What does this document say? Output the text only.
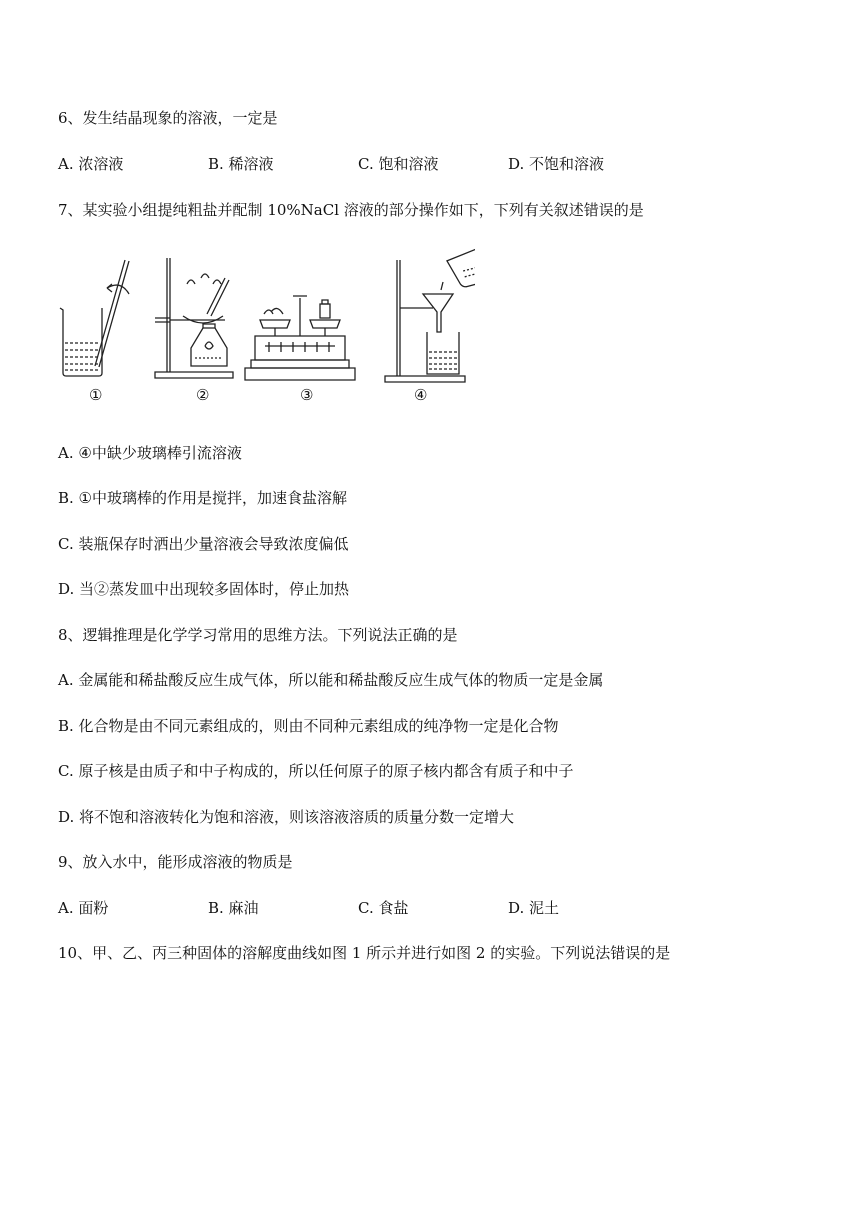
6、发生结晶现象的溶液，一定是
A. 浓溶液	B. 稀溶液	C. 饱和溶液	D. 不饱和溶液
7、某实验小组提纯粗盐并配制 10%NaCl 溶液的部分操作如下，下列有关叙述错误的是
①	②	③	④
A. ④中缺少玻璃棒引流溶液
B. ①中玻璃棒的作用是搅拌，加速食盐溶解
C. 装瓶保存时洒出少量溶液会导致浓度偏低
D. 当②蒸发皿中出现较多固体时，停止加热
8、逻辑推理是化学学习常用的思维方法。下列说法正确的是
A. 金属能和稀盐酸反应生成气体，所以能和稀盐酸反应生成气体的物质一定是金属
B. 化合物是由不同元素组成的，则由不同种元素组成的纯净物一定是化合物
C. 原子核是由质子和中子构成的，所以任何原子的原子核内都含有质子和中子
D. 将不饱和溶液转化为饱和溶液，则该溶液溶质的质量分数一定增大
9、放入水中，能形成溶液的物质是
A. 面粉	B. 麻油	C. 食盐	D. 泥土
10、甲、乙、丙三种固体的溶解度曲线如图 1 所示并进行如图 2 的实验。下列说法错误的是
